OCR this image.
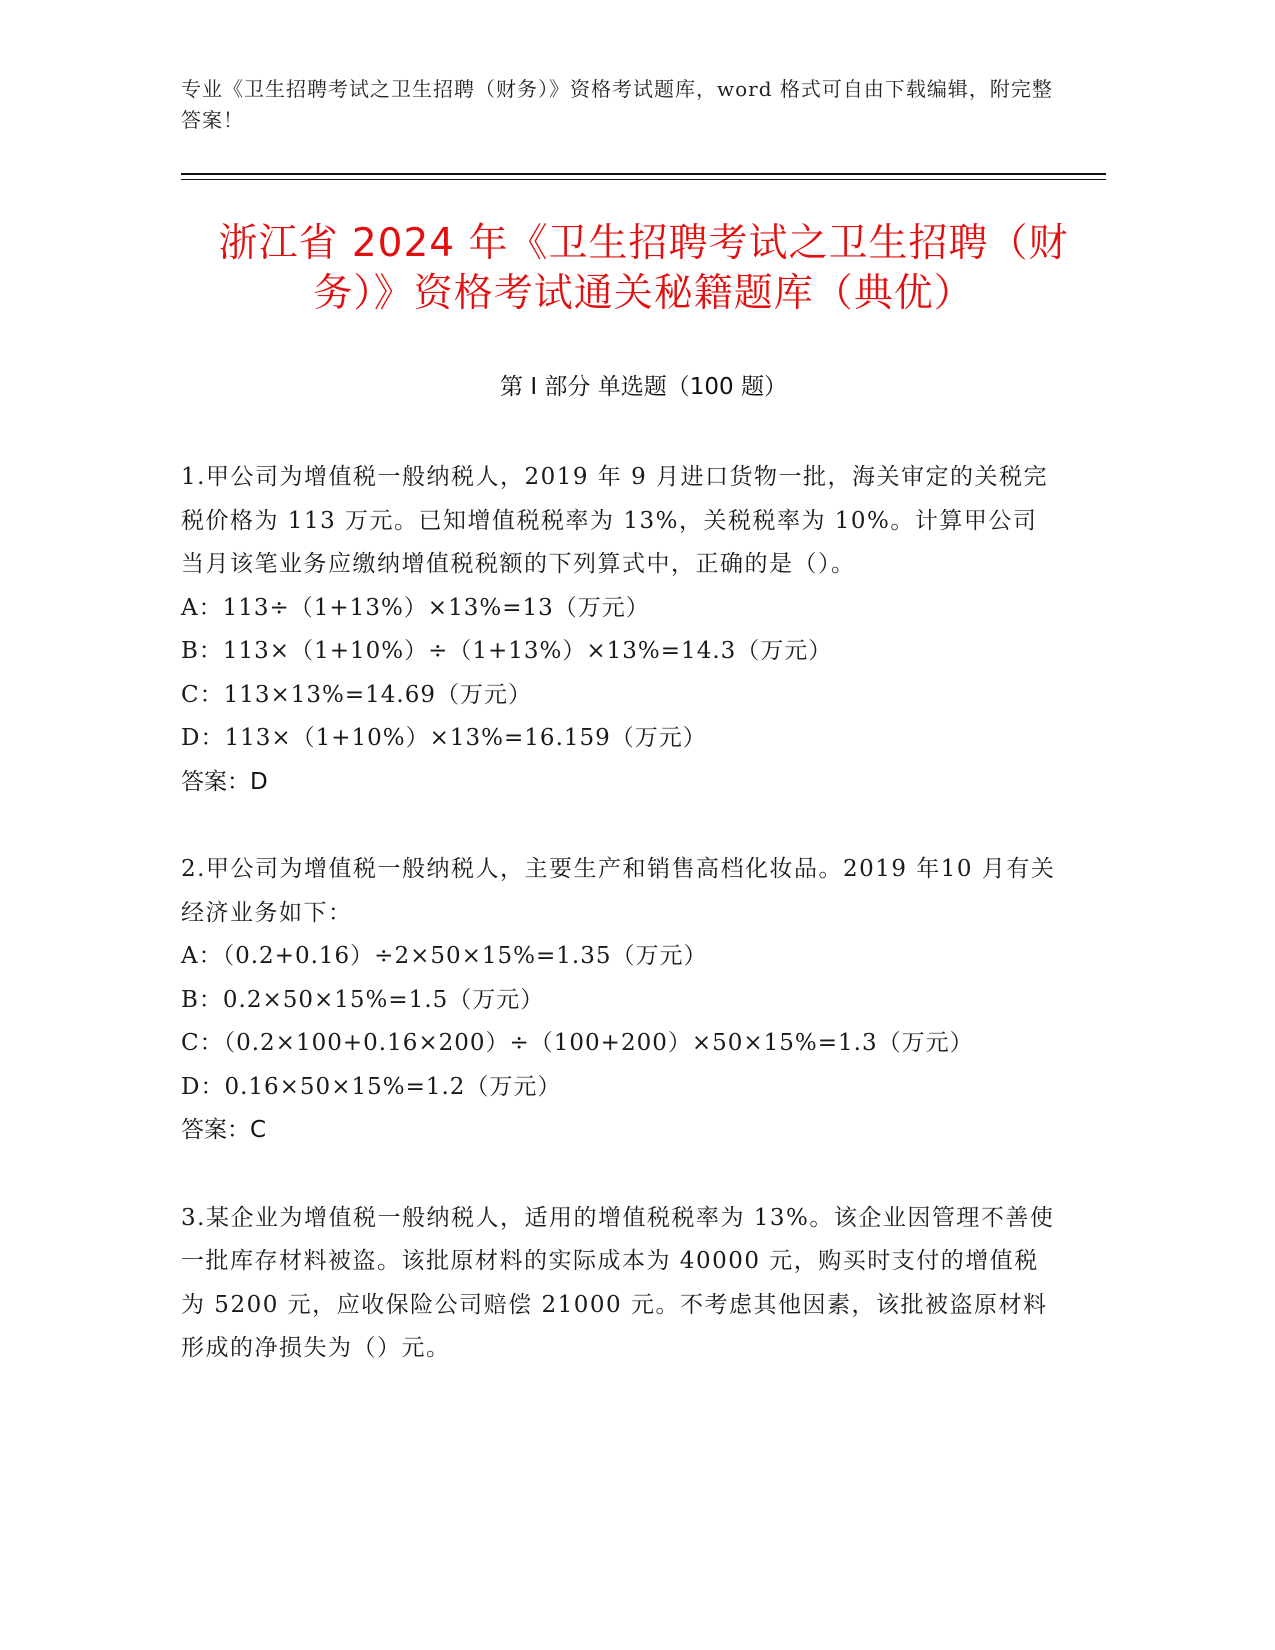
专业《卫生招聘考试之卫生招聘（财务）》资格考试题库，word 格式可自由下载编辑，附完整答案！
浙江省 2024 年《卫生招聘考试之卫生招聘（财务）》资格考试通关秘籍题库（典优）
第 I 部分 单选题（100 题）
1.甲公司为增值税一般纳税人，2019 年 9 月进口货物一批，海关审定的关税完税价格为 113 万元。已知增值税税率为 13%，关税税率为 10%。计算甲公司当月该笔业务应缴纳增值税税额的下列算式中，正确的是（）。
A：113÷（1+13%）×13%=13（万元）
B：113×（1+10%）÷（1+13%）×13%=14.3（万元）
C：113×13%=14.69（万元）
D：113×（1+10%）×13%=16.159（万元）
答案：D
2.甲公司为增值税一般纳税人，主要生产和销售高档化妆品。2019 年10 月有关经济业务如下：
A：（0.2+0.16）÷2×50×15%=1.35（万元）
B：0.2×50×15%=1.5（万元）
C：（0.2×100+0.16×200）÷（100+200）×50×15%=1.3（万元）
D：0.16×50×15%=1.2（万元）
答案：C
3.某企业为增值税一般纳税人，适用的增值税税率为 13%。该企业因管理不善使一批库存材料被盗。该批原材料的实际成本为 40000 元，购买时支付的增值税为 5200 元，应收保险公司赔偿 21000 元。不考虑其他因素，该批被盗原材料形成的净损失为（）元。
